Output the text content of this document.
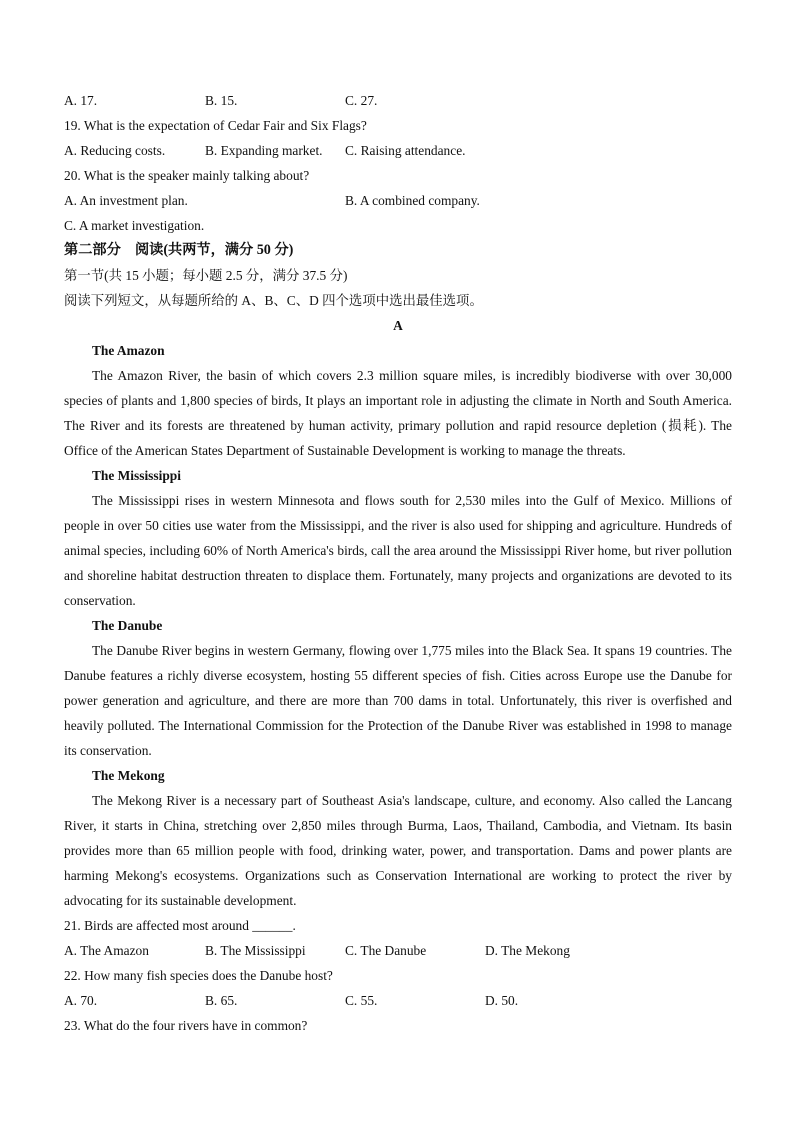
A. 17.	B. 15.	C. 27.
19. What is the expectation of Cedar Fair and Six Flags?
A. Reducing costs.	B. Expanding market. C. Raising attendance.
20. What is the speaker mainly talking about?
A. An investment plan.	B. A combined company.
C. A market investigation.
第二部分　阅读(共两节，满分 50 分)
第一节(共 15 小题；每小题 2.5 分，满分 37.5 分)
阅读下列短文，从每题所给的 A、B、C、D 四个选项中选出最佳选项。
A
The Amazon

The Amazon River, the basin of which covers 2.3 million square miles, is incredibly biodiverse with over 30,000 species of plants and 1,800 species of birds, It plays an important role in adjusting the climate in North and South America. The River and its forests are threatened by human activity, primary pollution and rapid resource depletion (损耗). The Office of the American States Department of Sustainable Development is working to manage the threats.

The Mississippi

The Mississippi rises in western Minnesota and flows south for 2,530 miles into the Gulf of Mexico. Millions of people in over 50 cities use water from the Mississippi, and the river is also used for shipping and agriculture. Hundreds of animal species, including 60% of North America's birds, call the area around the Mississippi River home, but river pollution and shoreline habitat destruction threaten to displace them. Fortunately, many projects and organizations are devoted to its conservation.

The Danube

The Danube River begins in western Germany, flowing over 1,775 miles into the Black Sea. It spans 19 countries. The Danube features a richly diverse ecosystem, hosting 55 different species of fish. Cities across Europe use the Danube for power generation and agriculture, and there are more than 700 dams in total. Unfortunately, this river is overfished and heavily polluted. The International Commission for the Protection of the Danube River was established in 1998 to manage its conservation.

The Mekong

The Mekong River is a necessary part of Southeast Asia's landscape, culture, and economy. Also called the Lancang River, it starts in China, stretching over 2,850 miles through Burma, Laos, Thailand, Cambodia, and Vietnam. Its basin provides more than 65 million people with food, drinking water, power, and transportation. Dams and power plants are harming Mekong's ecosystems. Organizations such as Conservation International are working to protect the river by advocating for its sustainable development.

21. Birds are affected most around ______.
A. The Amazon	B. The Mississippi	C. The Danube	D. The Mekong
22. How many fish species does the Danube host?
A. 70.	B. 65.	C. 55.	D. 50.
23. What do the four rivers have in common?
